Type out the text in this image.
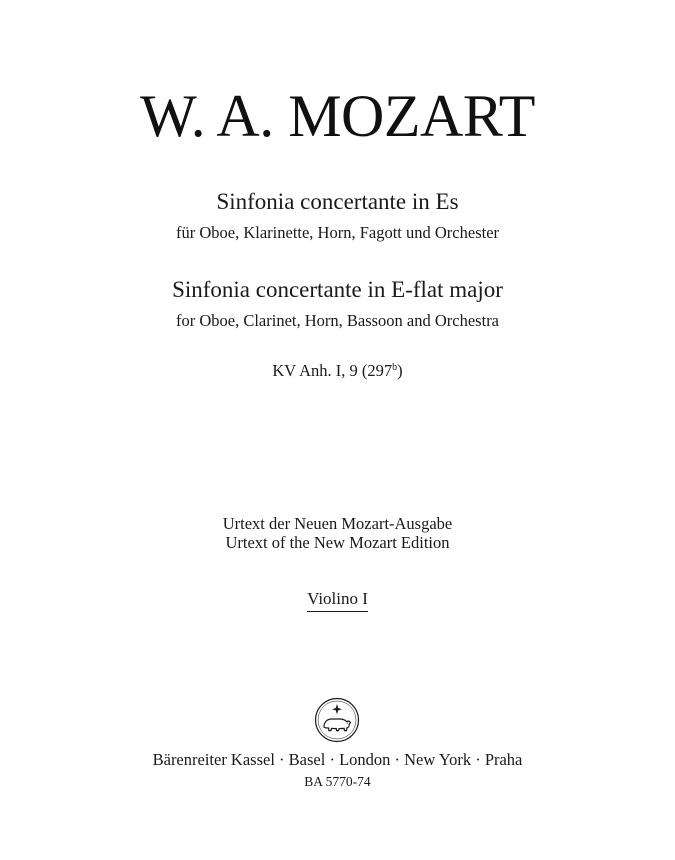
W. A. MOZART
Sinfonia concertante in Es
für Oboe, Klarinette, Horn, Fagott und Orchester
Sinfonia concertante in E-flat major
for Oboe, Clarinet, Horn, Bassoon and Orchestra
KV Anh. I, 9 (297$^b$)
Urtext der Neuen Mozart-Ausgabe
Urtext of the New Mozart Edition
Violino I
Bärenreiter Kassel · Basel · London · New York · Praha
BA 5770-74
